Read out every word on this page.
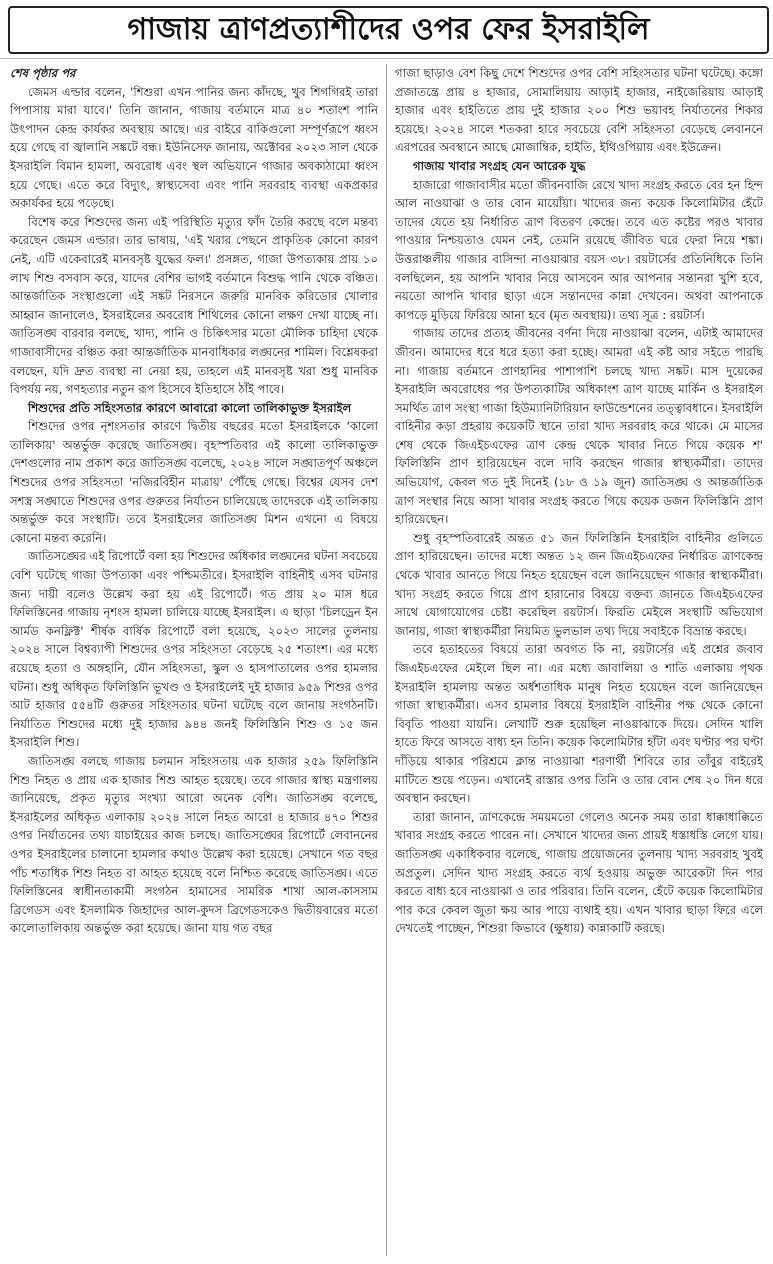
গাজায় ত্রাণপ্রত্যাশীদের ওপর ফের ইসরাইলি

শেষ পৃষ্ঠার পর

জেমস এল্ডার বলেন, 'শিশুরা এখন পানির জন্য কাঁদছে, খুব শিগগিরই তারা পিপাসায় মারা যাবে।' তিনি জানান, গাজায় বর্তমানে মাত্র ৪০ শতাংশ পানি উৎপাদন কেন্দ্র কার্যকর অবস্থায় আছে। এর বাইরে বাকিগুলো সম্পূর্ণরূপে ধ্বংস হয়ে গেছে বা জ্বালানি সঙ্কটে বন্ধ। ইউনিসেফ জানায়, অক্টোবর ২০২৩ সাল থেকে ইসরাইলি বিমান হামলা, অবরোধ এবং স্থল অভিযানে গাজার অবকাঠামো ধ্বংস হয়ে গেছে। এতে করে বিদ্যুৎ, স্বাস্থ্যসেবা এবং পানি সরবরাহ ব্যবস্থা একপ্রকার অকার্যকর হয়ে পড়েছে।

বিশেষ করে শিশুদের জন্য এই পরিস্থিতি মৃত্যুর ফাঁদ তৈরি করছে বলে মন্তব্য করেছেন জেমস এল্ডার। তার ভাষায়, 'এই খরার পেছনে প্রাকৃতিক কোনো কারণ নেই, এটি একেবারেই মানবসৃষ্ট যুদ্ধের ফল।' প্রসঙ্গত, গাজা উপত্যকায় প্রায় ১০ লাখ শিশু বসবাস করে, যাদের বেশির ভাগই বর্তমানে বিশুদ্ধ পানি থেকে বঞ্চিত। আন্তর্জাতিক সংস্থাগুলো এই সঙ্কট নিরসনে জরুরি মানবিক করিডোর খোলার আহ্বান জানালেও, ইসরাইলের অবরোধ শিথিলের কোনো লক্ষণ দেখা যাচ্ছে না। জাতিসঙ্ঘ বারবার বলছে, খাদ্য, পানি ও চিকিৎসার মতো মৌলিক চাহিদা থেকে গাজাবাসীদের বঞ্চিত করা আন্তর্জাতিক মানবাধিকার লঙ্ঘনের শামিল। বিশ্লেষকরা বলছেন, যদি দ্রুত ব্যবস্থা না নেয়া হয়, তাহলে এই মানবসৃষ্ট খরা শুধু মানবিক বিপর্যয় নয়, গণহত্যার নতুন রূপ হিসেবে ইতিহাসে ঠাঁই পাবে।

শিশুদের প্রতি সহিংসতার কারণে আবারো কালো তালিকাভুক্ত ইসরাইল

শিশুদের ওপর নৃশংসতার কারণে দ্বিতীয় বছরের মতো ইসরাইলকে 'কালো তালিকায়' অন্তর্ভুক্ত করেছে জাতিসঙ্ঘ। বৃহস্পতিবার এই কালো তালিকাভুক্ত দেশগুলোর নাম প্রকাশ করে জাতিসঙ্ঘ বলেছে, ২০২৪ সালে সঙ্ঘাতপূর্ণ অঞ্চলে শিশুদের ওপর সহিংসতা 'নজিরবিহীন মাত্রায়' পৌঁছে গেছে। বিশ্বের যেসব দেশ সশস্ত্র সঙ্ঘাতে শিশুদের ওপর গুরুতর নির্যাতন চালিয়েছে তাদেরকে এই তালিকায় অন্তর্ভুক্ত করে সংস্থাটি। তবে ইসরাইলের জাতিসঙ্ঘ মিশন এখনো এ বিষয়ে কোনো মন্তব্য করেনি।

জাতিসঙ্ঘের এই রিপোর্টে বলা হয় শিশুদের অধিকার লঙ্ঘনের ঘটনা সবচেয়ে বেশি ঘটেছে গাজা উপত্যকা এবং পশ্চিমতীরে। ইসরাইলি বাহিনীই এসব ঘটনার জন্য দায়ী বলেও উল্লেখ করা হয় এই রিপোর্টে। গত প্রায় ২০ মাস ধরে ফিলিস্তিনের গাজায় নৃশংস হামলা চালিয়ে যাচ্ছে ইসরাইল। এ ছাড়া 'চিলড্রেন ইন আর্মড কনফ্লিক্ট' শীর্ষক বার্ষিক রিপোর্টে বলা হয়েছে, ২০২৩ সালের তুলনায় ২০২৪ সালে বিশ্বব্যাপী শিশুদের ওপর সহিংসতা বেড়েছে ২৫ শতাংশ। এর মধ্যে রয়েছে হত্যা ও অঙ্গহানি, যৌন সহিংসতা, স্কুল ও হাসপাতালের ওপর হামলার ঘটনা। শুধু অধিকৃত ফিলিস্তিনি ভূখণ্ড ও ইসরাইলেই দুই হাজার ৯৫৯ শিশুর ওপর আট হাজার ৫৫৪টি গুরুতর সহিংসতার ঘটনা ঘটেছে বলে জানায় সংগঠনটি। নির্যাতিত শিশুদের মধ্যে দুই হাজার ৯৪৪ জনই ফিলিস্তিনি শিশু ও ১৫ জন ইসরাইলি শিশু।

জাতিসঙ্ঘ বলছে গাজায় চলমান সহিংসতায় এক হাজার ২৫৯ ফিলিস্তিনি শিশু নিহত ও প্রায় এক হাজার শিশু আহত হয়েছে। তবে গাজার স্বাস্থ্য মন্ত্রণালয় জানিয়েছে, প্রকৃত মৃত্যুর সংখ্যা আরো অনেক বেশি। জাতিসঙ্ঘ বলেছে, ইসরাইলের অধিকৃত এলাকায় ২০২৪ সালে নিহত আরো ৪ হাজার ৪৭০ শিশুর ওপর নির্যাতনের তথ্য যাচাইয়ের কাজ চলছে। জাতিসঙ্ঘের রিপোর্টে লেবাননের ওপর ইসরাইলের চালানো হামলার কথাও উল্লেখ করা হয়েছে। সেখানে গত বছর পাঁচ শতাধিক শিশু নিহত বা আহত হয়েছে বলে নিশ্চিত করেছে জাতিসঙ্ঘ। এতে ফিলিস্তিনের স্বাধীনতাকামী সংগঠন হামাসের সামরিক শাখা আল-কাসসাম ব্রিগেডস এবং ইসলামিক জিহাদের আল-কুদস ব্রিগেডসকেও দ্বিতীয়বারের মতো কালোতালিকায় অন্তর্ভুক্ত করা হয়েছে। জানা যায় গত বছর

গাজা ছাড়াও বেশ কিছু দেশে শিশুদের ওপর বেশি সহিংসতার ঘটনা ঘটেছে। কঙ্গো প্রজাতন্ত্রে প্রায় ৪ হাজার, সোমালিয়ায় আড়াই হাজার, নাইজেরিয়ায় আড়াই হাজার এবং হাইতিতে প্রায় দুই হাজার ২০০ শিশু ভয়াবহ নির্যাতনের শিকার হয়েছে। ২০২৪ সালে শতকরা হারে সবচেয়ে বেশি সহিংসতা বেড়েছে লেবাননে এরপরের অবস্থানে আছে মোজাম্বিক, হাইতি, ইথিওপিয়ায় এবং ইউক্রেন।

গাজায় খাবার সংগ্রহ যেন আরেক যুদ্ধ

হাজারো গাজাবাসীর মতো জীবনবাজি রেখে খাদ্য সংগ্রহ করতে বের হন হিন্দ আল নাওয়াঝা ও তার বোন মায়োঁয়া। খাদ্যের জন্য কয়েক কিলোমিটার হেঁটে তাদের যেতে হয় নির্ধারিত ত্রাণ বিতরণ কেন্দ্রে। তবে এত কষ্টের পরও খাবার পাওয়ার নিশ্চয়তাও যেমন নেই, তেমনি রয়েছে জীবিত ঘরে ফেরা নিয়ে শঙ্কা। উত্তরাঞ্চলীয় গাজার বাসিন্দা নাওয়াঝার বয়স ৩৮। রয়টার্সের প্রতিনিধিকে তিনি বলছিলেন, হয় আপনি খাবার নিয়ে আসবেন আর আপনার সন্তানরা খুশি হবে, নয়তো আপনি খাবার ছাড়া এসে সন্তানদের কান্না দেখবেন। অথবা আপনাকে কাপড়ে মুড়িয়ে ফিরিয়ে আনা হবে (মৃত অবস্থায়)। তথ্য সূত্র : রয়টার্স।

গাজায় তাদের প্রত্যহ জীবনের বর্ণনা দিয়ে নাওয়াঝা বলেন, এটাই আমাদের জীবন। আমাদের ধরে ধরে হত্যা করা হচ্ছে। আমরা এই কষ্ট আর সইতে পারছি না। গাজায় বর্তমানে প্রাণহানির পাশাপাশি চলছে খাদ্য সঙ্কট। মাস দুয়েকের ইসরাইলি অবরোধের পর উপত্যকাটির অধিকাংশ ত্রাণ যাচ্ছে মার্কিন ও ইসরাইল সমর্থিত ত্রাণ সংস্থা গাজা হিউম্যানিটারিয়ান ফাউন্ডেশনের তত্ত্বাবধানে। ইসরাইলি বাহিনীর কড়া প্রহরায় কয়েকটি স্থানে তারা খাদ্য সরবরাহ করে থাকে। মে মাসের শেষ থেকে জিএইচএফের ত্রাণ কেন্দ্র থেকে খাবার নিতে গিয়ে কয়েক শ' ফিলিস্তিনি প্রাণ হারিয়েছেন বলে দাবি করছেন গাজার স্বাস্থ্যকর্মীরা। তাদের অভিযোগ, কেবল গত দুই দিনেই (১৮ ও ১৯ জুন) জাতিসঙ্ঘ ও আন্তর্জাতিক ত্রাণ সংস্থার নিয়ে আসা খাবার সংগ্রহ করতে গিয়ে কয়েক ডজন ফিলিস্তিনি প্রাণ হারিয়েছেন।

শুধু বৃহস্পতিবারেই অন্তত ৫১ জন ফিলিস্তিনি ইসরাইলি বাহিনীর গুলিতে প্রাণ হারিয়েছেন। তাদের মধ্যে অন্তত ১২ জন জিএইচএফের নির্ধারিত ত্রাণকেন্দ্র থেকে খাবার আনতে গিয়ে নিহত হয়েছেন বলে জানিয়েছেন গাজার স্বাস্থ্যকর্মীরা। খাদ্য সংগ্রহ করতে গিয়ে প্রাণ হারানোর বিষয়ে বক্তব্য জানতে জিএইচএফের সাথে যোগাযোগের চেষ্টা করেছিল রয়টার্স। ফিরতি মেইলে সংস্থাটি অভিযোগ জানায়, গাজা স্বাস্থ্যকর্মীরা নিয়মিত ভুলভাল তথ্য দিয়ে সবাইকে বিভ্রান্ত করছে।

তবে হতাহতের বিষয়ে তারা অবগত কি না, রয়টার্সের এই প্রশ্নের জবাব জিএইচএফের মেইলে ছিল না। এর মধ্যে জাবালিয়া ও শাতি এলাকায় পৃথক ইসরাইলি হামলায় অন্তত অর্ধশতাধিক মানুষ নিহত হয়েছেন বলে জানিয়েছেন গাজা স্বাস্থ্যকর্মীরা। এসব হামলার বিষয়ে ইসরাইলি বাহিনীর পক্ষ থেকে কোনো বিবৃতি পাওয়া যায়নি। লেখাটি শুরু হয়েছিল নাওয়াঝাকে দিয়ে। সেদিন খালি হাতে ফিরে আসতে বাধ্য হন তিনি। কয়েক কিলোমিটার হাঁটা এবং ঘণ্টার পর ঘণ্টা দাঁড়িয়ে থাকার পরিশ্রমে ক্লান্ত নাওয়াঝা শরণার্থী শিবিরে তার তাঁবুর বাইরেই মাটিতে শুয়ে পড়েন। এখানেই রাস্তার ওপর তিনি ও তার বোন শেষ ২০ দিন ধরে অবস্থান করছেন।

তারা জানান, ত্রাণকেন্দ্রে সময়মতো গেলেও অনেক সময় তারা ধাক্কাধাক্কিতে খাবার সংগ্রহ করতে পারেন না। সেখানে খাদ্যের জন্য প্রায়ই ধস্তাধস্তি লেগে যায়। জাতিসঙ্ঘ একাধিকবার বলেছে, গাজায় প্রয়োজনের তুলনায় খাদ্য সরবরাহ খুবই অপ্রতুল। সেদিন খাদ্য সংগ্রহ করতে ব্যর্থ হওয়ায় অভুক্ত আরেকটা দিন পার করতে বাধ্য হবে নাওয়াঝা ও তার পরিবার। তিনি বলেন, হেঁটে কয়েক কিলোমিটার পার করে কেবল জুতা ক্ষয় আর পায়ে ব্যথাই হয়। এখন খাবার ছাড়া ফিরে এলে দেখতেই পাচ্ছেন, শিশুরা কিভাবে (ক্ষুধায়) কান্নাকাটি করছে।
